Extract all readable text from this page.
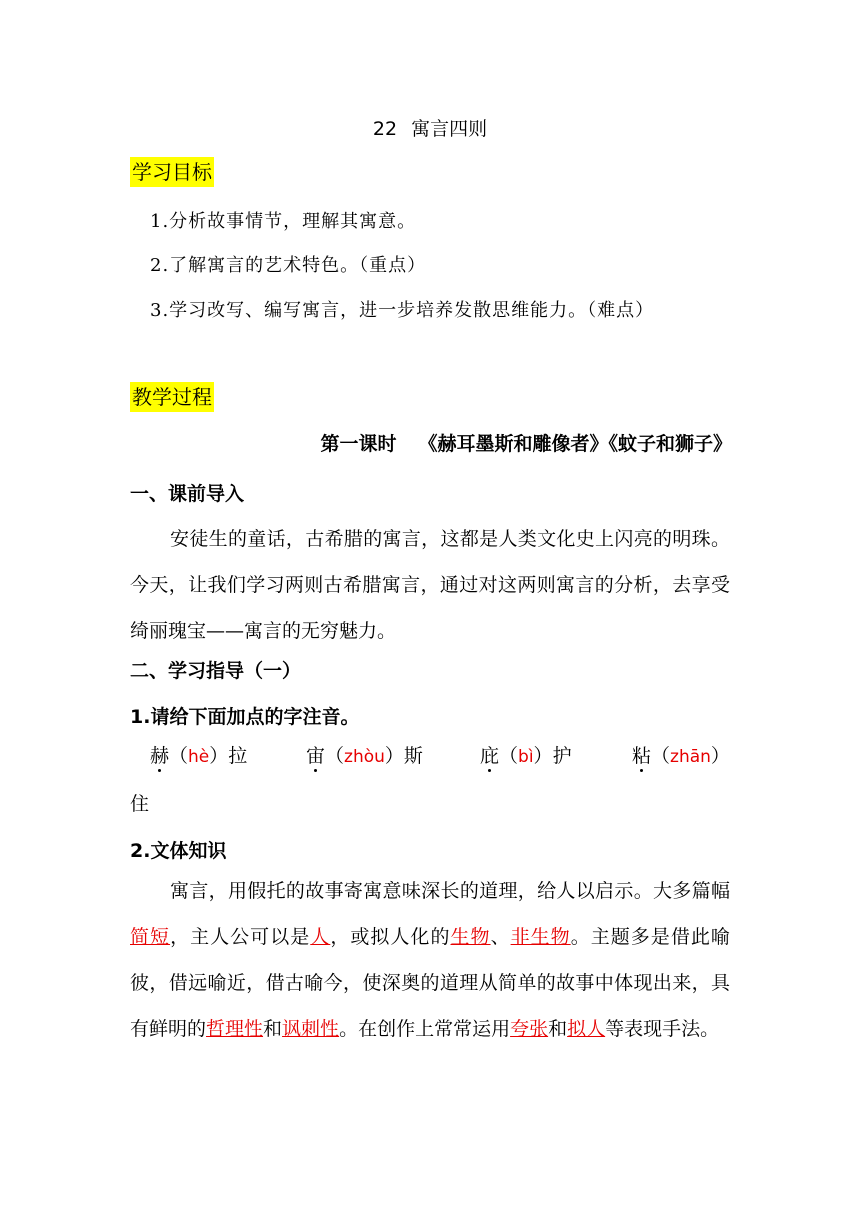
22 寓言四则
学习目标
1.分析故事情节，理解其寓意。
2.了解寓言的艺术特色。（重点）
3.学习改写、编写寓言，进一步培养发散思维能力。（难点）
教学过程
第一课时 《赫耳墨斯和雕像者》《蚊子和狮子》
一、课前导入
安徒生的童话，古希腊的寓言，这都是人类文化史上闪亮的明珠。今天，让我们学习两则古希腊寓言，通过对这两则寓言的分析，去享受绮丽瑰宝——寓言的无穷魅力。
二、学习指导（一）
1.请给下面加点的字注音。
赫（hè）拉	宙（zhòu）斯	庇（bì）护	粘（zhān）
住
2.文体知识
寓言，用假托的故事寄寓意味深长的道理，给人以启示。大多篇幅简短，主人公可以是人，或拟人化的生物、非生物。主题多是借此喻彼，借远喻近，借古喻今，使深奥的道理从简单的故事中体现出来，具有鲜明的哲理性和讽刺性。在创作上常常运用夸张和拟人等表现手法。
